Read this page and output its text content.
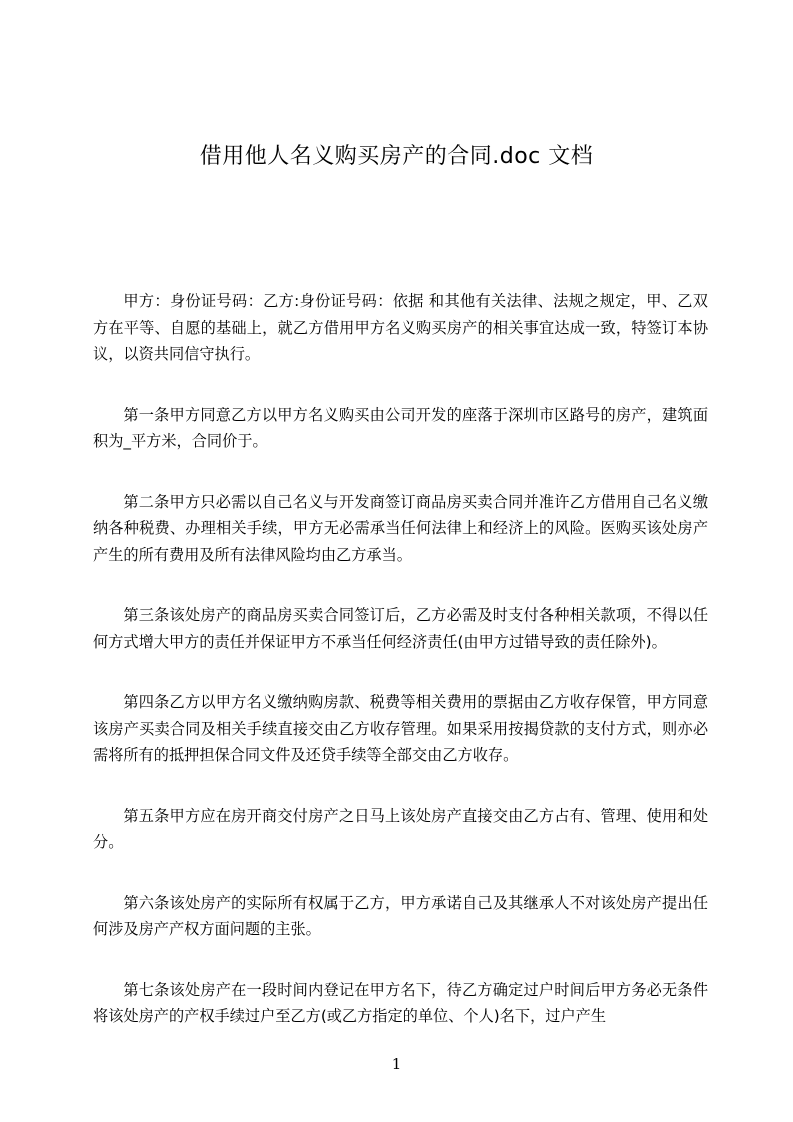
借用他人名义购买房产的合同.doc 文档

甲方：身份证号码：乙方:身份证号码：依据 和其他有关法律、法规之规定，甲、乙双方在平等、自愿的基础上，就乙方借用甲方名义购买房产的相关事宜达成一致，特签订本协议，以资共同信守执行。

第一条甲方同意乙方以甲方名义购买由公司开发的座落于深圳市区路号的房产，建筑面积为_平方米，合同价于。

第二条甲方只必需以自己名义与开发商签订商品房买卖合同并准许乙方借用自己名义缴纳各种税费、办理相关手续，甲方无必需承当任何法律上和经济上的风险。医购买该处房产产生的所有费用及所有法律风险均由乙方承当。

第三条该处房产的商品房买卖合同签订后，乙方必需及时支付各种相关款项，不得以任何方式增大甲方的责任并保证甲方不承当任何经济责任(由甲方过错导致的责任除外)。

第四条乙方以甲方名义缴纳购房款、税费等相关费用的票据由乙方收存保管，甲方同意该房产买卖合同及相关手续直接交由乙方收存管理。如果采用按揭贷款的支付方式，则亦必需将所有的抵押担保合同文件及还贷手续等全部交由乙方收存。

第五条甲方应在房开商交付房产之日马上该处房产直接交由乙方占有、管理、使用和处分。

第六条该处房产的实际所有权属于乙方，甲方承诺自己及其继承人不对该处房产提出任何涉及房产产权方面问题的主张。

第七条该处房产在一段时间内登记在甲方名下，待乙方确定过户时间后甲方务必无条件将该处房产的产权手续过户至乙方(或乙方指定的单位、个人)名下，过户产生

1
